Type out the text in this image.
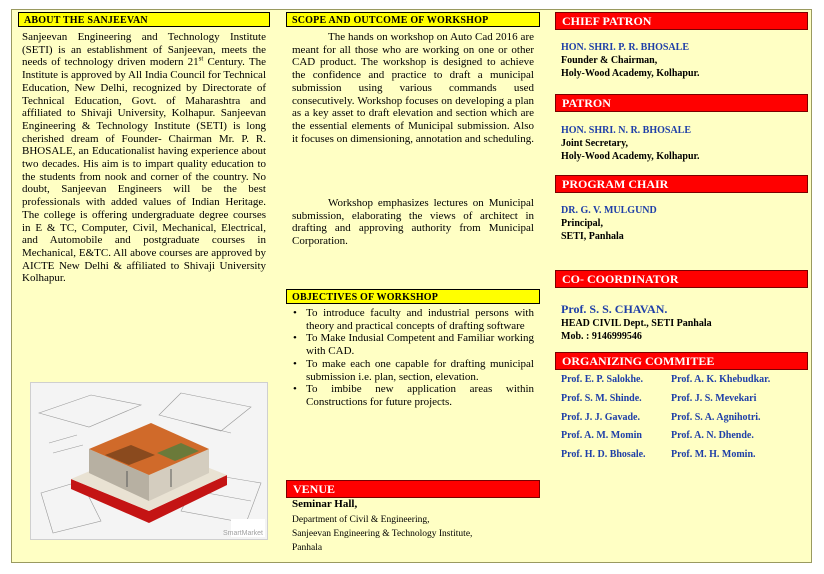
ABOUT THE SANJEEVAN
Sanjeevan Engineering and Technology Institute (SETI) is an establishment of Sanjeevan, meets the needs of technology driven modern 21st Century. The Institute is approved by All India Council for Technical Education, New Delhi, recognized by Directorate of Technical Education, Govt. of Maharashtra and affiliated to Shivaji University, Kolhapur. Sanjeevan Engineering & Technology Institute (SETI) is long cherished dream of Founder- Chairman Mr. P. R. BHOSALE, an Educationalist having experience about two decades. His aim is to impart quality education to the students from nook and corner of the country. No doubt, Sanjeevan Engineers will be the best professionals with added values of Indian Heritage. The college is offering undergraduate degree courses in E & TC, Computer, Civil, Mechanical, Electrical, and Automobile and postgraduate courses in Mechanical, E&TC. All above courses are approved by AICTE New Delhi & affiliated to Shivaji University Kolhapur.
SmartMarket
SCOPE AND OUTCOME OF WORKSHOP
The hands on workshop on Auto Cad 2016 are meant for all those who are working on one or other CAD product. The workshop is designed to achieve the confidence and practice to draft a municipal submission using various commands used consecutively. Workshop focuses on developing a plan as a key asset to draft elevation and section which are the essential elements of Municipal submission. Also it focuses on dimensioning, annotation and scheduling.
Workshop emphasizes lectures on Municipal submission, elaborating the views of architect in drafting and approving authority from Municipal Corporation.
OBJECTIVES OF WORKSHOP
• To introduce faculty and industrial persons with theory and practical concepts of drafting software
• To Make Indusial Competent and Familiar working with CAD.
• To make each one capable for drafting municipal submission i.e. plan, section, elevation.
• To imbibe new application areas within Constructions for future projects.
VENUE
Seminar Hall,
Department of Civil & Engineering,
Sanjeevan Engineering & Technology Institute,
Panhala
CHIEF PATRON
HON. SHRI. P. R. BHOSALE
Founder & Chairman,
Holy-Wood Academy, Kolhapur.
PATRON
HON. SHRI. N. R. BHOSALE
Joint Secretary,
Holy-Wood Academy, Kolhapur.
PROGRAM CHAIR
DR. G. V. MULGUND
Principal,
SETI, Panhala
CO- COORDINATOR
Prof. S. S. CHAVAN.
HEAD CIVIL Dept., SETI Panhala
Mob. : 9146999546
ORGANIZING COMMITEE
Prof. E. P. Salokhe.	Prof. A. K. Khebudkar.
Prof. S. M. Shinde.	Prof. J. S. Mevekari
Prof. J. J. Gavade.	Prof. S. A. Agnihotri.
Prof. A. M. Momin	Prof. A. N. Dhende.
Prof. H. D. Bhosale.	Prof. M. H. Momin.
